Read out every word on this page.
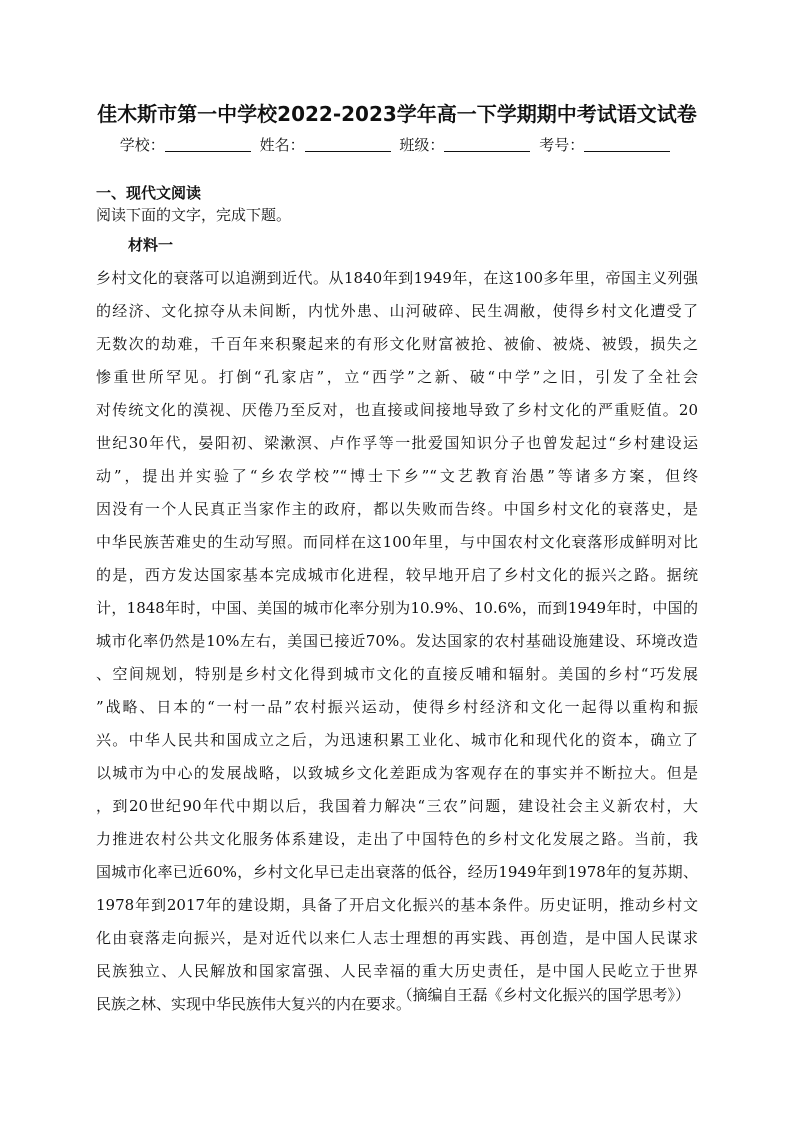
佳木斯市第一中学校2022-2023学年高一下学期期中考试语文试卷
学校：	姓名：	班级：	考号：
一、现代文阅读
阅读下面的文字，完成下题。
材料一
乡村文化的衰落可以追溯到近代。从1840年到1949年，在这100多年里，帝国主义列强
的经济、文化掠夺从未间断，内忧外患、山河破碎、民生凋敝，使得乡村文化遭受了
无数次的劫难，千百年来积聚起来的有形文化财富被抢、被偷、被烧、被毁，损失之
惨重世所罕见。打倒“孔家店”，立“西学”之新、破“中学”之旧，引发了全社会
对传统文化的漠视、厌倦乃至反对，也直接或间接地导致了乡村文化的严重贬值。20
世纪30年代，晏阳初、梁漱溟、卢作孚等一批爱国知识分子也曾发起过“乡村建设运
动”，提出并实验了“乡农学校”“博士下乡”“文艺教育治愚”等诸多方案，但终
因没有一个人民真正当家作主的政府，都以失败而告终。中国乡村文化的衰落史，是
中华民族苦难史的生动写照。而同样在这100年里，与中国农村文化衰落形成鲜明对比
的是，西方发达国家基本完成城市化进程，较早地开启了乡村文化的振兴之路。据统
计，1848年时，中国、美国的城市化率分别为10.9%、10.6%，而到1949年时，中国的
城市化率仍然是10%左右，美国已接近70%。发达国家的农村基础设施建设、环境改造
、空间规划，特别是乡村文化得到城市文化的直接反哺和辐射。美国的乡村“巧发展
”战略、日本的“一村一品”农村振兴运动，使得乡村经济和文化一起得以重构和振
兴。中华人民共和国成立之后，为迅速积累工业化、城市化和现代化的资本，确立了
以城市为中心的发展战略，以致城乡文化差距成为客观存在的事实并不断拉大。但是
，到20世纪90年代中期以后，我国着力解决“三农”问题，建设社会主义新农村，大
力推进农村公共文化服务体系建设，走出了中国特色的乡村文化发展之路。当前，我
国城市化率已近60%，乡村文化早已走出衰落的低谷，经历1949年到1978年的复苏期、
1978年到2017年的建设期，具备了开启文化振兴的基本条件。历史证明，推动乡村文
化由衰落走向振兴，是对近代以来仁人志士理想的再实践、再创造，是中国人民谋求
民族独立、人民解放和国家富强、人民幸福的重大历史责任，是中国人民屹立于世界
民族之林、实现中华民族伟大复兴的内在要求。
（摘编自王磊《乡村文化振兴的国学思考》）
